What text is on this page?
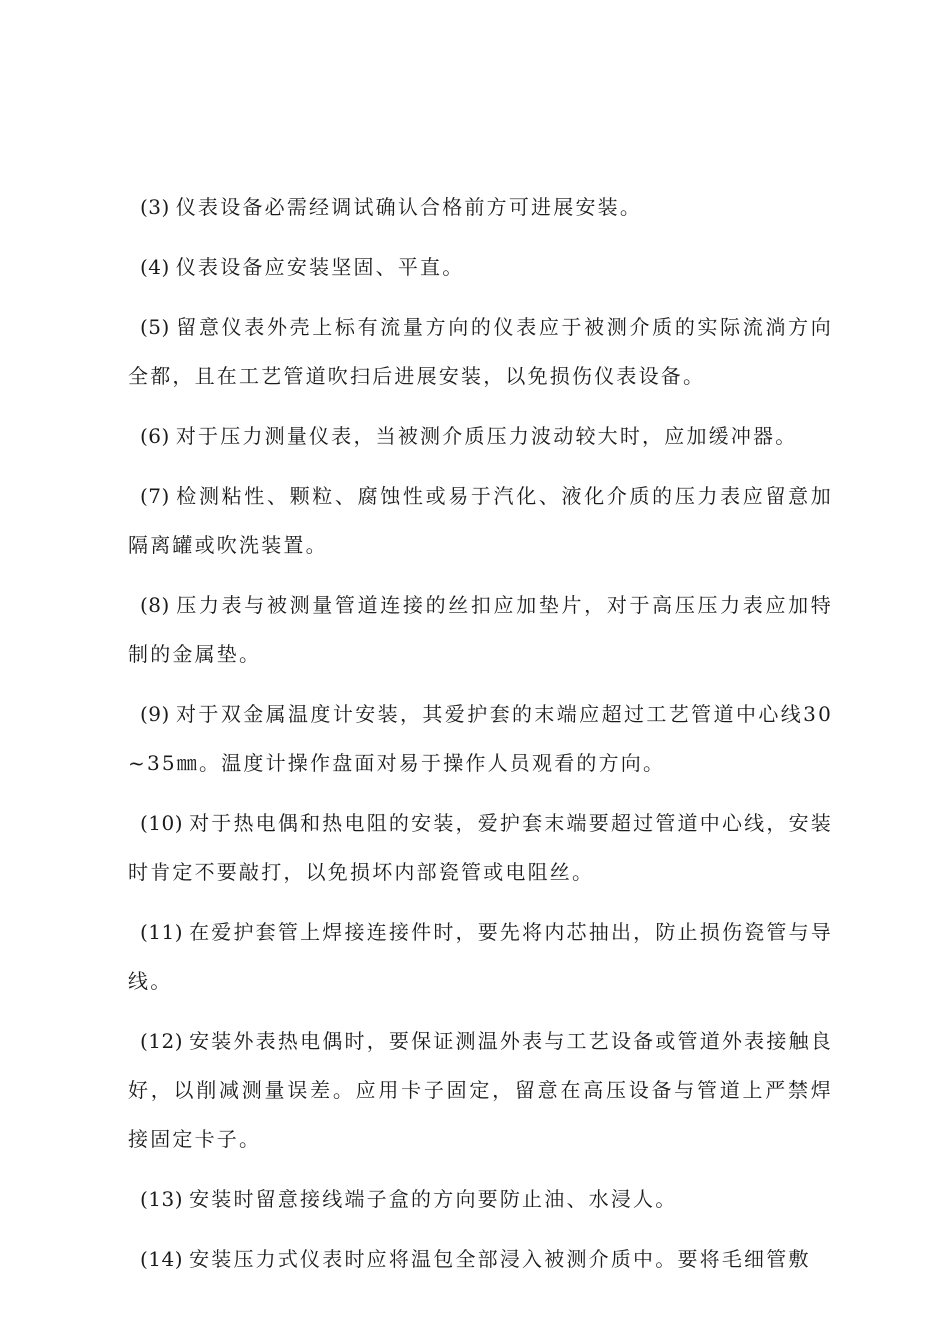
(3) 仪表设备必需经调试确认合格前方可进展安装。

(4) 仪表设备应安装坚固、平直。

(5) 留意仪表外壳上标有流量方向的仪表应于被测介质的实际流淌方向全都，且在工艺管道吹扫后进展安装，以免损伤仪表设备。

(6) 对于压力测量仪表，当被测介质压力波动较大时，应加缓冲器。

(7) 检测粘性、颗粒、腐蚀性或易于汽化、液化介质的压力表应留意加隔离罐或吹洗装置。

(8) 压力表与被测量管道连接的丝扣应加垫片，对于高压压力表应加特制的金属垫。

(9) 对于双金属温度计安装，其爱护套的末端应超过工艺管道中心线30~35㎜。温度计操作盘面对易于操作人员观看的方向。

(10) 对于热电偶和热电阻的安装，爱护套末端要超过管道中心线，安装时肯定不要敲打，以免损坏内部瓷管或电阻丝。

(11) 在爱护套管上焊接连接件时，要先将内芯抽出，防止损伤瓷管与导线。

(12) 安装外表热电偶时，要保证测温外表与工艺设备或管道外表接触良好，以削减测量误差。应用卡子固定，留意在高压设备与管道上严禁焊接固定卡子。

(13) 安装时留意接线端子盒的方向要防止油、水浸人。

(14) 安装压力式仪表时应将温包全部浸入被测介质中。要将毛细管敷
